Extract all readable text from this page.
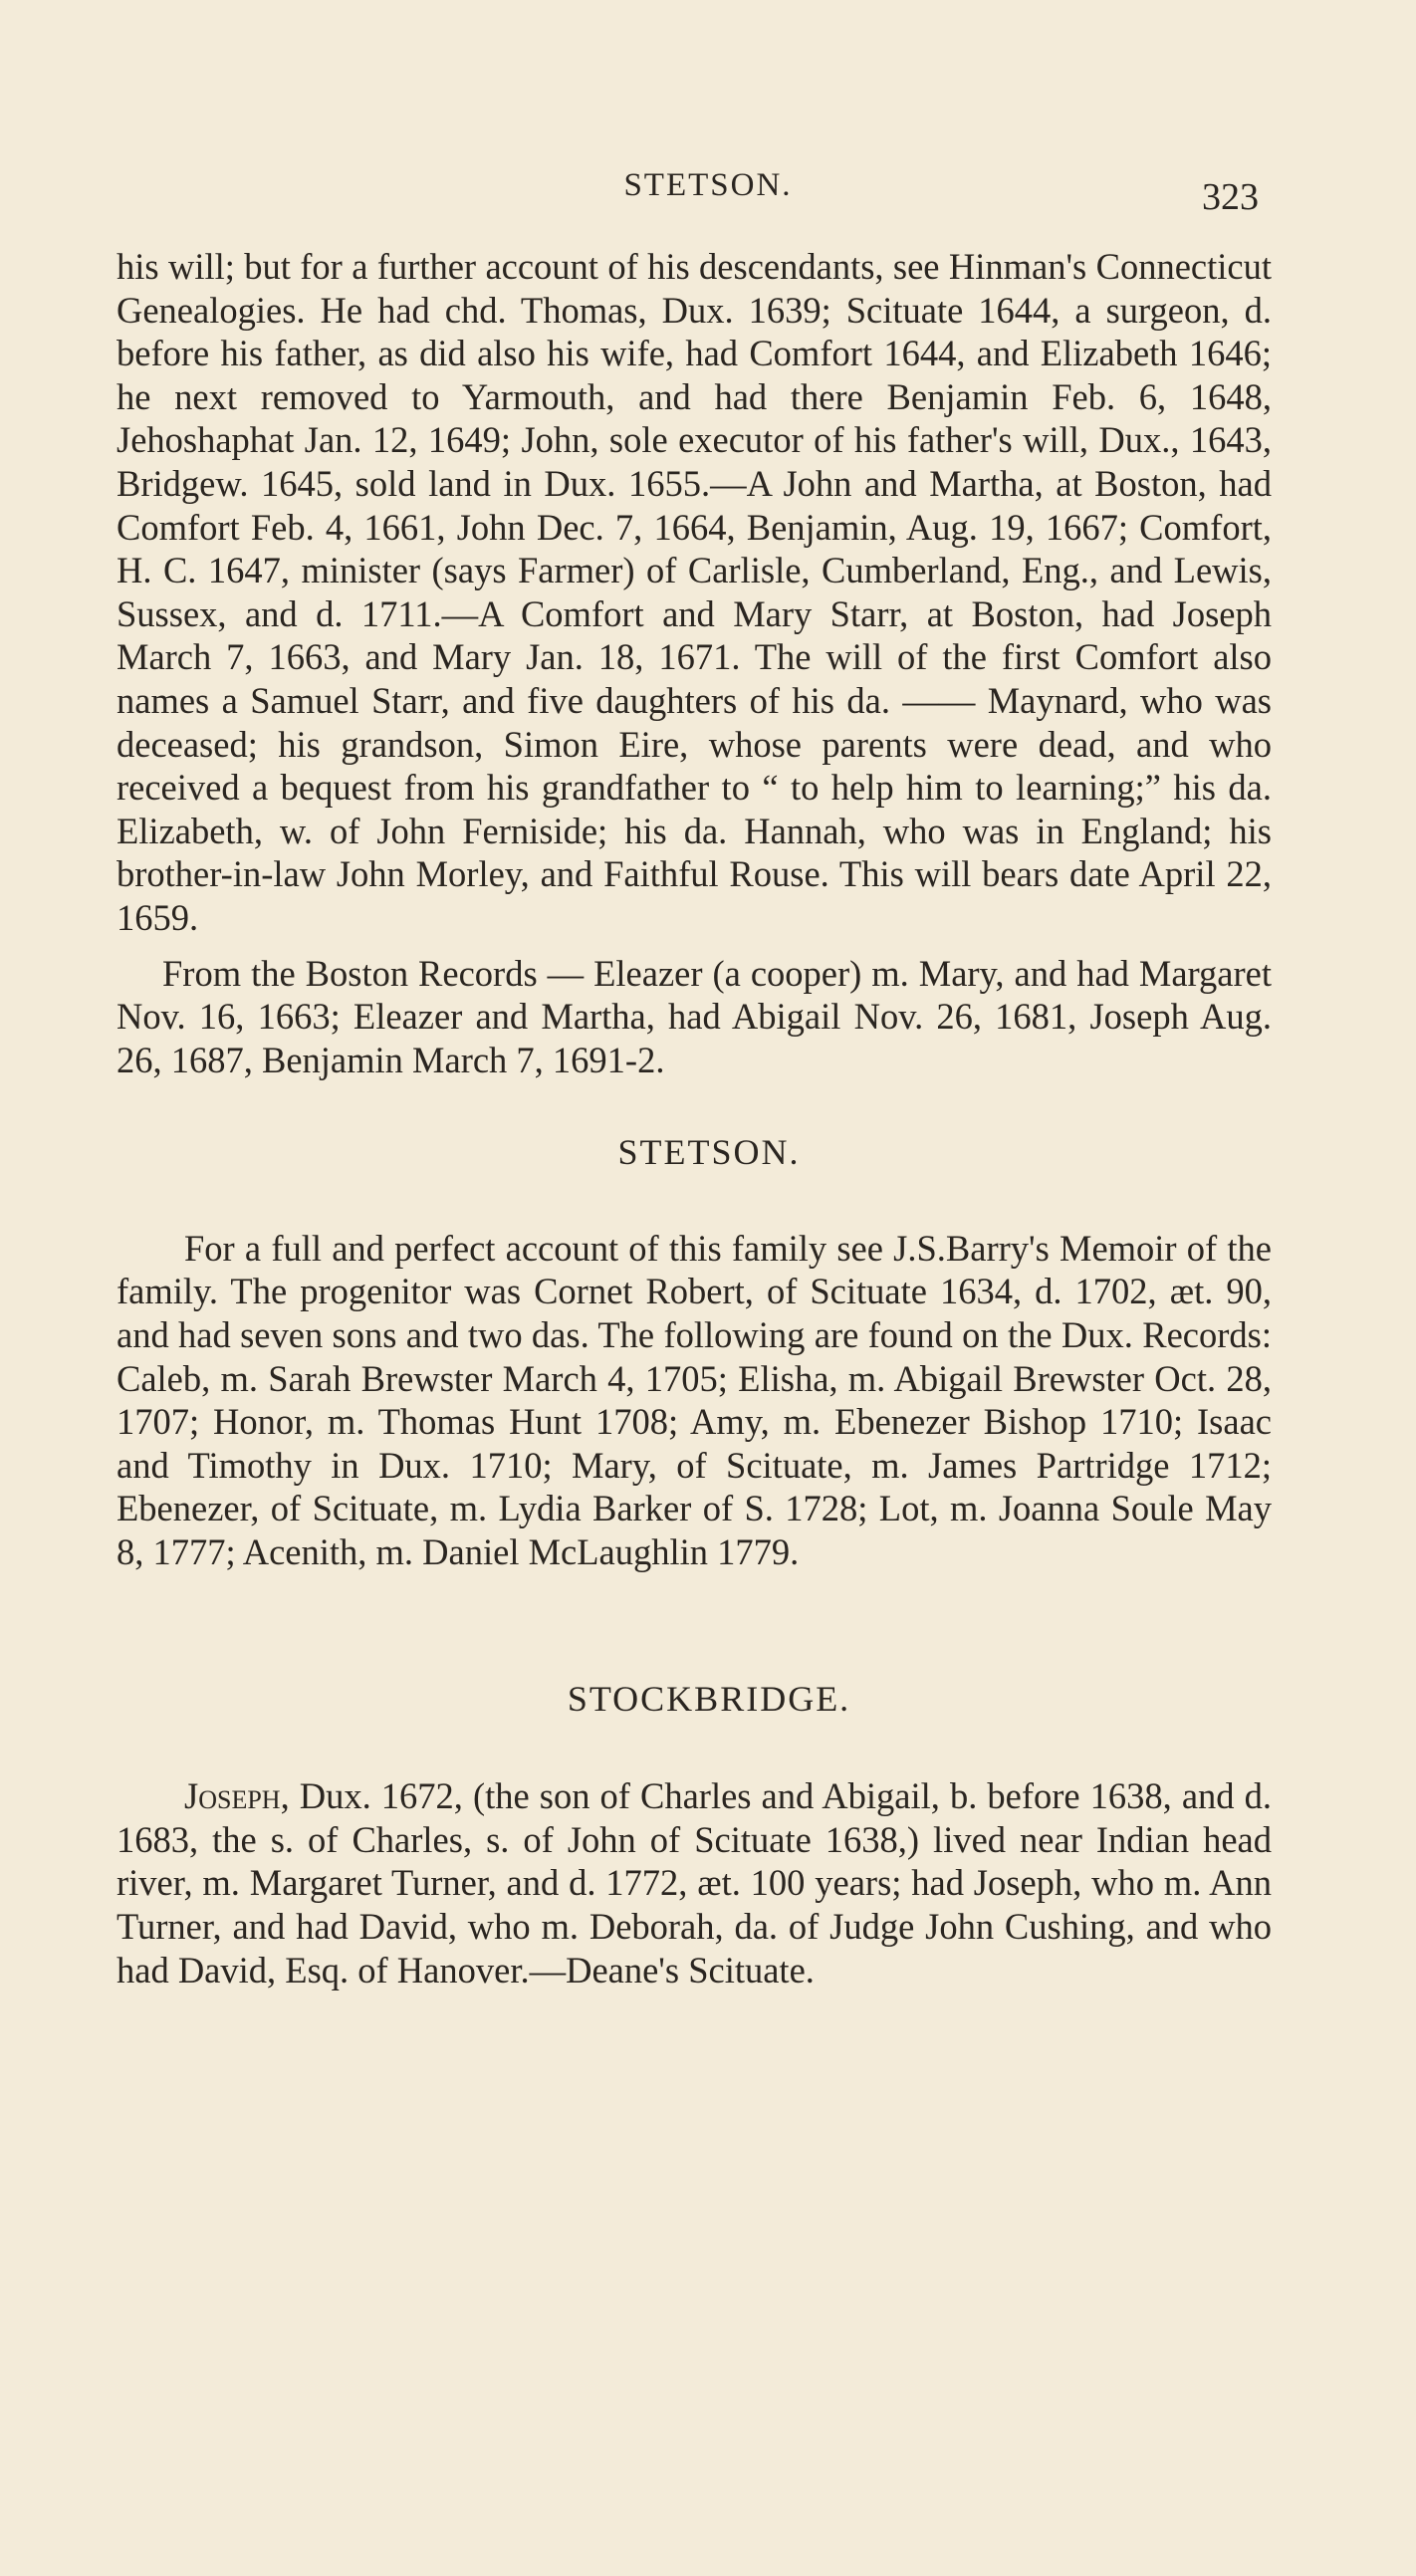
STETSON.	323

his will; but for a further account of his descendants, see Hinman's Connecticut Genealogies. He had chd. Thomas, Dux. 1639; Scituate 1644, a surgeon, d. before his father, as did also his wife, had Comfort 1644, and Elizabeth 1646; he next removed to Yarmouth, and had there Benjamin Feb. 6, 1648, Jehoshaphat Jan. 12, 1649; John, sole executor of his father's will, Dux., 1643, Bridgew. 1645, sold land in Dux. 1655.—A John and Martha, at Boston, had Comfort Feb. 4, 1661, John Dec. 7, 1664, Benjamin, Aug. 19, 1667; Comfort, H. C. 1647, minister (says Farmer) of Carlisle, Cumberland, Eng., and Lewis, Sussex, and d. 1711.—A Comfort and Mary Starr, at Boston, had Joseph March 7, 1663, and Mary Jan. 18, 1671. The will of the first Comfort also names a Samuel Starr, and five daughters of his da. —— Maynard, who was deceased; his grandson, Simon Eire, whose parents were dead, and who received a bequest from his grandfather to “ to help him to learning;” his da. Elizabeth, w. of John Ferniside; his da. Hannah, who was in England; his brother-in-law John Morley, and Faithful Rouse. This will bears date April 22, 1659.

From the Boston Records — Eleazer (a cooper) m. Mary, and had Margaret Nov. 16, 1663; Eleazer and Martha, had Abigail Nov. 26, 1681, Joseph Aug. 26, 1687, Benjamin March 7, 1691-2.

STETSON.

For a full and perfect account of this family see J.S.Barry's Memoir of the family. The progenitor was Cornet Robert, of Scituate 1634, d. 1702, æt. 90, and had seven sons and two das. The following are found on the Dux. Records: Caleb, m. Sarah Brewster March 4, 1705; Elisha, m. Abigail Brewster Oct. 28, 1707; Honor, m. Thomas Hunt 1708; Amy, m. Ebenezer Bishop 1710; Isaac and Timothy in Dux. 1710; Mary, of Scituate, m. James Partridge 1712; Ebenezer, of Scituate, m. Lydia Barker of S. 1728; Lot, m. Joanna Soule May 8, 1777; Acenith, m. Daniel McLaughlin 1779.

STOCKBRIDGE.

Joseph, Dux. 1672, (the son of Charles and Abigail, b. before 1638, and d. 1683, the s. of Charles, s. of John of Scituate 1638,) lived near Indian head river, m. Margaret Turner, and d. 1772, æt. 100 years; had Joseph, who m. Ann Turner, and had David, who m. Deborah, da. of Judge John Cushing, and who had David, Esq. of Hanover.—Deane's Scituate.
